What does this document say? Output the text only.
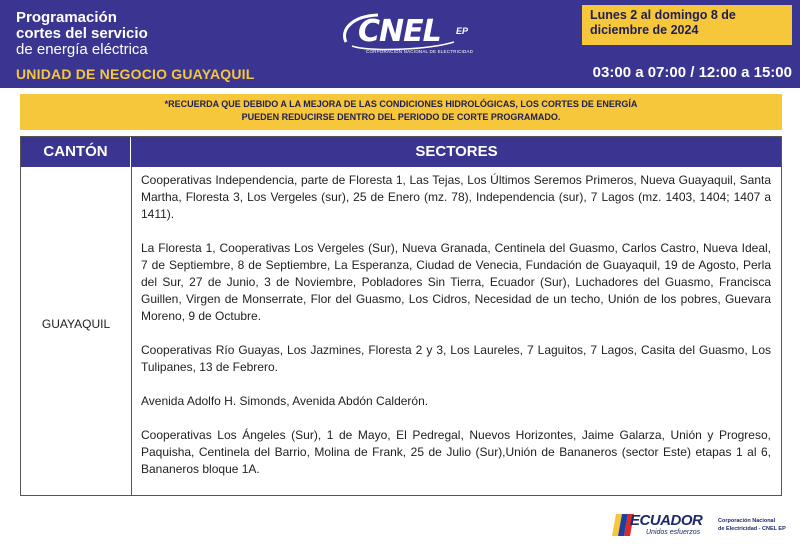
Programación
cortes del servicio
de energía eléctrica
CNEL EP
CORPORACIÓN NACIONAL DE ELECTRICIDAD
Lunes 2 al domingo 8 de
diciembre de 2024
UNIDAD DE NEGOCIO GUAYAQUIL	03:00 a 07:00 / 12:00 a 15:00
*RECUERDA QUE DEBIDO A LA MEJORA DE LAS CONDICIONES HIDROLÓGICAS, LOS CORTES DE ENERGÍA
PUEDEN REDUCIRSE DENTRO DEL PERIODO DE CORTE PROGRAMADO.
CANTÓN	SECTORES
GUAYAQUIL

Cooperativas Independencia, parte de Floresta 1, Las Tejas, Los Últimos Seremos Primeros, Nueva Guayaquil, Santa Martha, Floresta 3, Los Vergeles (sur), 25 de Enero (mz. 78), Independencia (sur), 7 Lagos (mz. 1403, 1404; 1407 a 1411).

La Floresta 1, Cooperativas Los Vergeles (Sur), Nueva Granada, Centinela del Guasmo, Carlos Castro, Nueva Ideal, 7 de Septiembre, 8 de Septiembre, La Esperanza, Ciudad de Venecia, Fundación de Guayaquil, 19 de Agosto, Perla del Sur, 27 de Junio, 3 de Noviembre, Pobladores Sin Tierra, Ecuador (Sur), Luchadores del Guasmo, Francisca Guillen, Virgen de Monserrate, Flor del Guasmo, Los Cidros, Necesidad de un techo, Unión de los pobres, Guevara Moreno, 9 de Octubre.

Cooperativas Río Guayas, Los Jazmines, Floresta 2 y 3, Los Laureles, 7 Laguitos, 7 Lagos, Casita del Guasmo, Los Tulipanes, 13 de Febrero.

Avenida Adolfo H. Simonds, Avenida Abdón Calderón.

Cooperativas Los Ángeles (Sur), 1 de Mayo, El Pedregal, Nuevos Horizontes, Jaime Galarza, Unión y Progreso, Paquisha, Centinela del Barrio, Molina de Frank, 25 de Julio (Sur),Unión de Bananeros (sector Este) etapas 1 al 6, Bananeros bloque 1A.

ECUADOR
Unidos esfuerzos
Corporación Nacional
de Electricidad - CNEL EP
